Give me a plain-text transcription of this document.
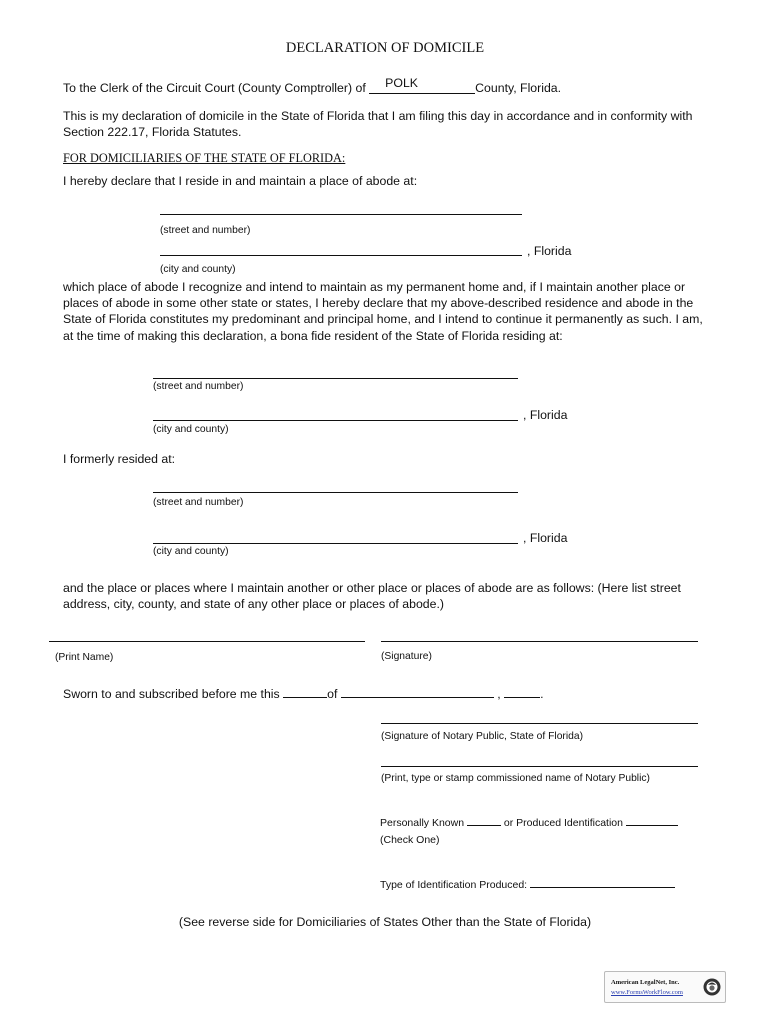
DECLARATION OF DOMICILE
To the Clerk of the Circuit Court (County Comptroller) of POLK	County, Florida.
This is my declaration of domicile in the State of Florida that I am filing this day in accordance and in conformity with Section 222.17, Florida Statutes.
FOR DOMICILIARIES OF THE STATE OF FLORIDA:
I hereby declare that I reside in and maintain a place of abode at:
(street and number)
, Florida
(city and county)
which place of abode I recognize and intend to maintain as my permanent home and, if I maintain another place or places of abode in some other state or states, I hereby declare that my above-described residence and abode in the State of Florida constitutes my predominant and principal home, and I intend to continue it permanently as such. I am, at the time of making this declaration, a bona fide resident of the State of Florida residing at:
(street and number)
, Florida
(city and county)
I formerly resided at:
(street and number)
, Florida
(city and county)
and the place or places where I maintain another or other place or places of abode are as follows: (Here list street address, city, county, and state of any other place or places of abode.)
(Print Name)	(Signature)
Sworn to and subscribed before me this	of	,	.
(Signature of Notary Public, State of Florida)
(Print, type or stamp commissioned name of Notary Public)
Personally Known	or Produced Identification
(Check One)
Type of Identification Produced:
(See reverse side for Domiciliaries of States Other than the State of Florida)
American LegalNet, Inc.
www.FormsWorkFlow.com
